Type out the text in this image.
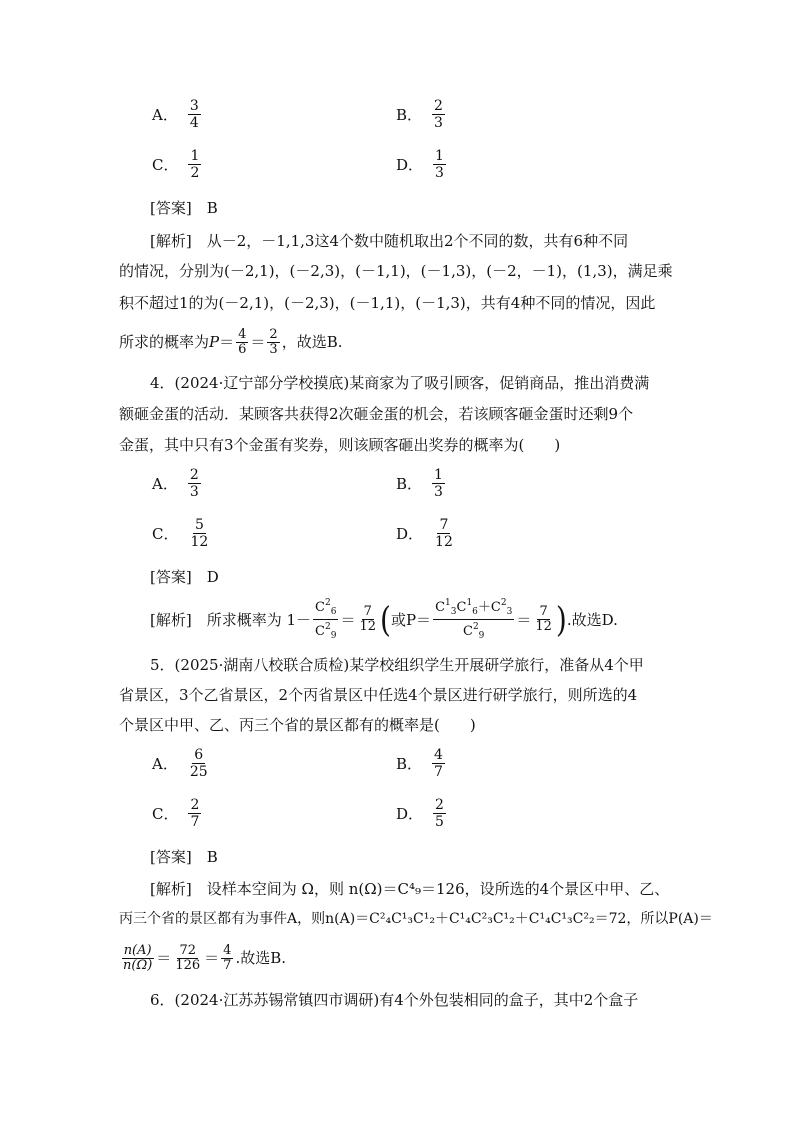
A． $\frac{3}{4}$	B． $\frac{2}{3}$
C． $\frac{1}{2}$	D． $\frac{1}{3}$
[答案]　 B
[解析]　 从－2，－1,1,3这4个数中随机取出2个不同的数，共有6种不同
的情况，分别为(－2,1)，(－2,3)，(－1,1)，(－1,3)，(－2，－1)，(1,3)，满足乘
积不超过1的为(－2,1)，(－2,3)，(－1,1)，(－1,3)，共有4种不同的情况，因此
所求的概率为 $P = \frac{4}{6} = \frac{2}{3}$ ，故选B.
4．(2024·辽宁部分学校摸底)某商家为了吸引顾客，促销商品，推出消费满
额砸金蛋的活动．某顾客共获得2次砸金蛋的机会，若该顾客砸金蛋时还剩9个
金蛋，其中只有3个金蛋有奖券，则该顾客砸出奖券的概率为(　　)
A． $\frac{2}{3}$	B． $\frac{1}{3}$
C． $\frac{5}{12}$	D． $\frac{7}{12}$
[答案]　 D
[解析]
　 所求概率为 $1- \frac{C^2_6}{C^2_9} = \frac{7}{12}$ ( 或$P= \frac{C^1_3C^1_6+C^2_3}{C^2_9} = \frac{7}{12}$ ) .故选D.
5．(2025·湖南八校联合质检)某学校组织学生开展研学旅行，准备从4个甲
省景区，3个乙省景区，2个丙省景区中任选4个景区进行研学旅行，则所选的4
个景区中甲、乙、丙三个省的景区都有的概率是(　　)
A． $\frac{6}{25}$	B． $\frac{4}{7}$
C． $\frac{2}{7}$	D． $\frac{2}{5}$
[答案]　 B
[解析]　 设样本空间为 Ω，则 n(Ω)＝C⁴₉＝126，设所选的4个景区中甲、乙、
丙三个省的景区都有为事件A，则n(A)＝C²₄C¹₃C¹₂＋C¹₄C²₃C¹₂＋C¹₄C¹₃C²₂＝72，所以P(A)＝
$\frac{n(A)}{n(\Omega)} = \frac{72}{126} = \frac{4}{7}$ .故选B.
6．(2024·江苏苏锡常镇四市调研)有4个外包装相同的盒子，其中2个盒子
